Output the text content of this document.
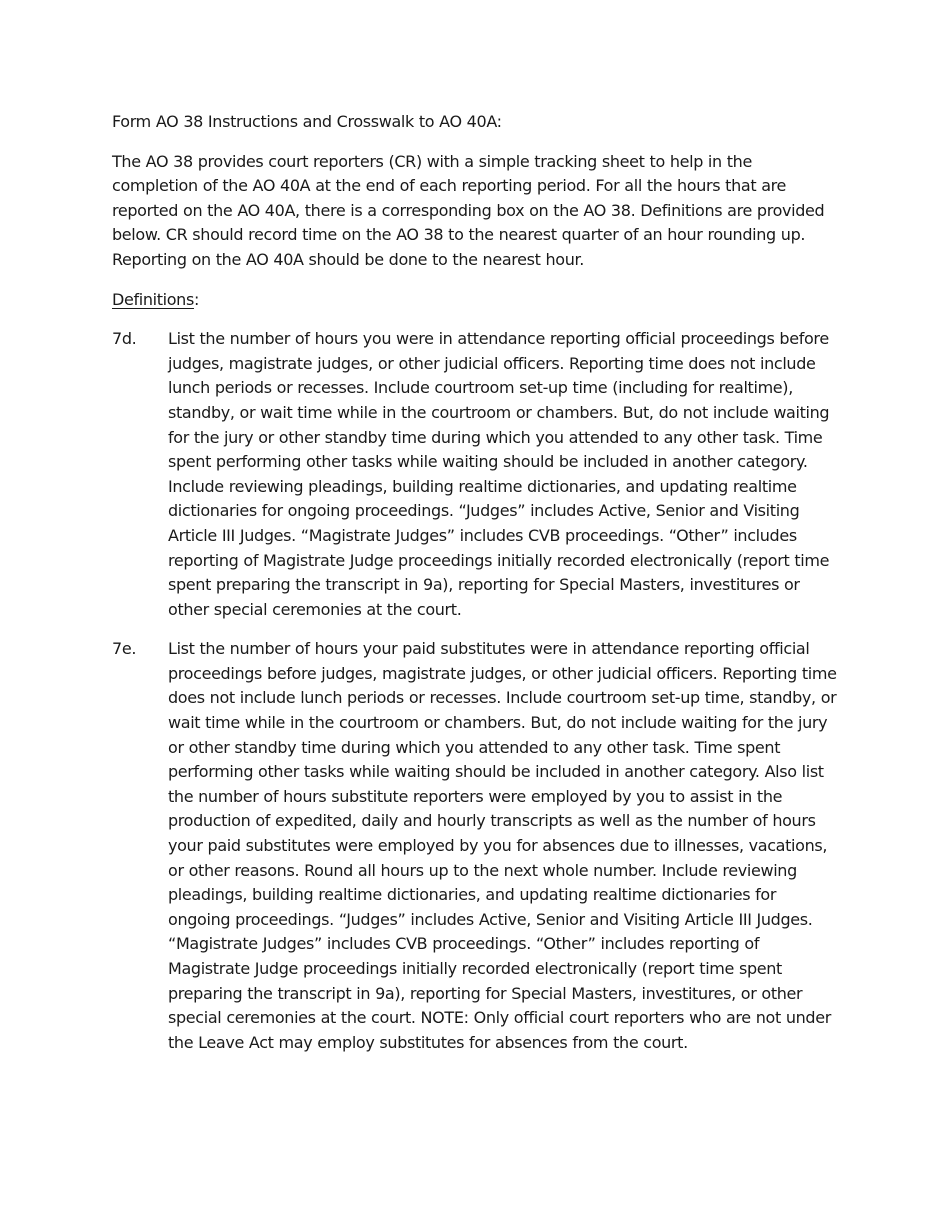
Form AO 38 Instructions and Crosswalk to AO 40A:

The AO 38 provides court reporters (CR) with a simple tracking sheet to help in the completion of the AO 40A at the end of each reporting period. For all the hours that are reported on the AO 40A, there is a corresponding box on the AO 38. Definitions are provided below. CR should record time on the AO 38 to the nearest quarter of an hour rounding up. Reporting on the AO 40A should be done to the nearest hour.

Definitions:

7d.	List the number of hours you were in attendance reporting official proceedings before judges, magistrate judges, or other judicial officers. Reporting time does not include lunch periods or recesses. Include courtroom set-up time (including for realtime), standby, or wait time while in the courtroom or chambers. But, do not include waiting for the jury or other standby time during which you attended to any other task. Time spent performing other tasks while waiting should be included in another category. Include reviewing pleadings, building realtime dictionaries, and updating realtime dictionaries for ongoing proceedings. “Judges” includes Active, Senior and Visiting Article III Judges. “Magistrate Judges” includes CVB proceedings. “Other” includes reporting of Magistrate Judge proceedings initially recorded electronically (report time spent preparing the transcript in 9a), reporting for Special Masters, investitures or other special ceremonies at the court.

7e.	List the number of hours your paid substitutes were in attendance reporting official proceedings before judges, magistrate judges, or other judicial officers. Reporting time does not include lunch periods or recesses. Include courtroom set-up time, standby, or wait time while in the courtroom or chambers. But, do not include waiting for the jury or other standby time during which you attended to any other task. Time spent performing other tasks while waiting should be included in another category. Also list the number of hours substitute reporters were employed by you to assist in the production of expedited, daily and hourly transcripts as well as the number of hours your paid substitutes were employed by you for absences due to illnesses, vacations, or other reasons. Round all hours up to the next whole number. Include reviewing pleadings, building realtime dictionaries, and updating realtime dictionaries for ongoing proceedings. “Judges” includes Active, Senior and Visiting Article III Judges. “Magistrate Judges” includes CVB proceedings. “Other” includes reporting of Magistrate Judge proceedings initially recorded electronically (report time spent preparing the transcript in 9a), reporting for Special Masters, investitures, or other special ceremonies at the court. NOTE: Only official court reporters who are not under the Leave Act may employ substitutes for absences from the court.
